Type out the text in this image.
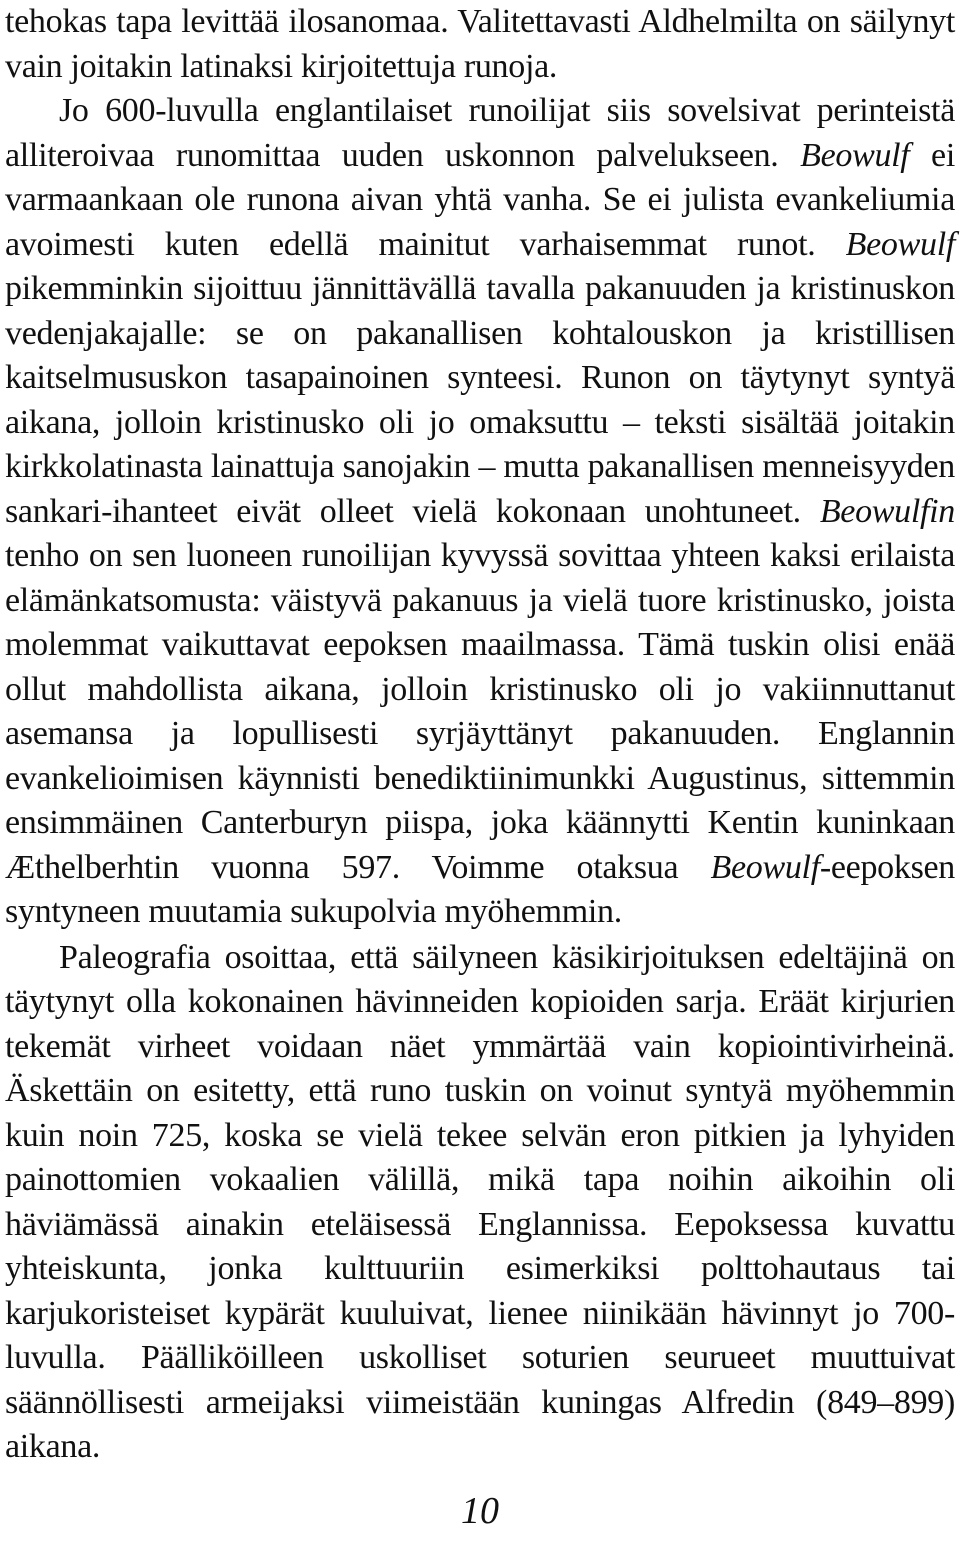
tehokas tapa levittää ilosanomaa. Valitettavasti Aldhelmilta on säilynyt vain joitakin latinaksi kirjoitettuja runoja.

Jo 600-luvulla englantilaiset runoilijat siis sovelsivat perinteistä alliteroivaa runomittaa uuden uskonnon palvelukseen. Beowulf ei varmaankaan ole runona aivan yhtä vanha. Se ei julista evankeliumia avoimesti kuten edellä mainitut varhaisemmat runot. Beowulf pikemminkin sijoittuu jännittävällä tavalla pakanuuden ja kristinuskon vedenjakajalle: se on pakanallisen kohtalouskon ja kristillisen kaitselmususkon tasapainoinen synteesi. Runon on täytynyt syntyä aikana, jolloin kristinusko oli jo omaksuttu – teksti sisältää joitakin kirkkolatinasta lainattuja sanojakin – mutta pakanallisen menneisyyden sankari-ihanteet eivät olleet vielä kokonaan unohtuneet. Beowulfin tenho on sen luoneen runoilijan kyvyssä sovittaa yhteen kaksi erilaista elämänkatsomusta: väistyvä pakanuus ja vielä tuore kristinusko, joista molemmat vaikuttavat eepoksen maailmassa. Tämä tuskin olisi enää ollut mahdollista aikana, jolloin kristinusko oli jo vakiinnuttanut asemansa ja lopullisesti syrjäyttänyt pakanuuden. Englannin evankelioimisen käynnisti benediktiinimunkki Augustinus, sittemmin ensimmäinen Canterburyn piispa, joka käännytti Kentin kuninkaan Æthelberhtin vuonna 597. Voimme otaksua Beowulf-eepoksen syntyneen muutamia sukupolvia myöhemmin.

Paleografia osoittaa, että säilyneen käsikirjoituksen edeltäjinä on täytynyt olla kokonainen hävinneiden kopioiden sarja. Eräät kirjurien tekemät virheet voidaan näet ymmärtää vain kopiointivirheinä. Äskettäin on esitetty, että runo tuskin on voinut syntyä myöhemmin kuin noin 725, koska se vielä tekee selvän eron pitkien ja lyhyiden painottomien vokaalien välillä, mikä tapa noihin aikoihin oli häviämässä ainakin eteläisessä Englannissa. Eepoksessa kuvattu yhteiskunta, jonka kulttuuriin esimerkiksi polttohautaus tai karjukoristeiset kypärät kuuluivat, lienee niinikään hävinnyt jo 700-luvulla. Päälliköilleen uskolliset soturien seurueet muuttuivat säännöllisesti armeijaksi viimeistään kuningas Alfredin (849–899) aikana.

10
